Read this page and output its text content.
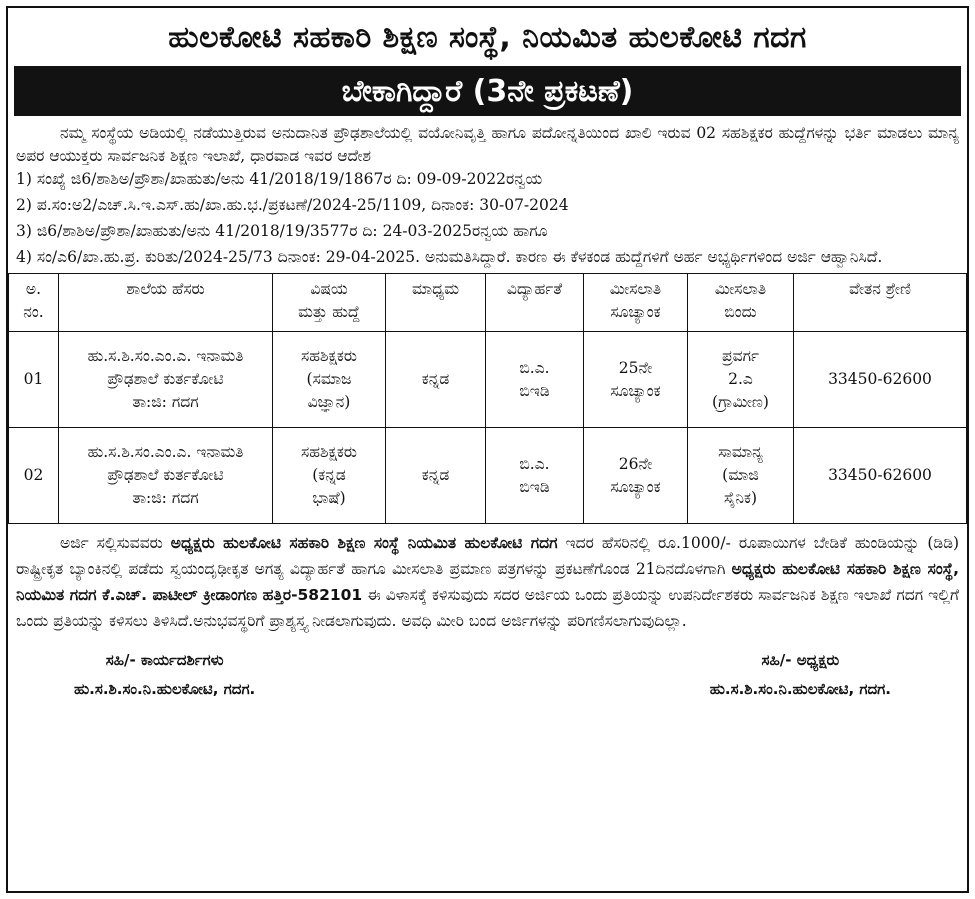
ಹುಲಕೋಟಿ ಸಹಕಾರಿ ಶಿಕ್ಷಣ ಸಂಸ್ಥೆ, ನಿಯಮಿತ ಹುಲಕೋಟಿ ಗದಗ
ಬೇಕಾಗಿದ್ದಾರೆ (3ನೇ ಪ್ರಕಟಣೆ)

ನಮ್ಮ ಸಂಸ್ಥೆಯ ಅಡಿಯಲ್ಲಿ ನಡೆಯುತ್ತಿರುವ ಅನುದಾನಿತ ಪ್ರೌಢಶಾಲೆಯಲ್ಲಿ ವಯೋನಿವೃತ್ತಿ ಹಾಗೂ ಪದೋನ್ನತಿಯಿಂದ ಖಾಲಿ ಇರುವ 02 ಸಹಶಿಕ್ಷಕರ ಹುದ್ದೆಗಳನ್ನು ಭರ್ತಿ ಮಾಡಲು ಮಾನ್ಯ ಅಪರ ಆಯುಕ್ತರು ಸಾರ್ವಜನಿಕ ಶಿಕ್ಷಣ ಇಲಾಖೆ, ಧಾರವಾಡ ಇವರ ಆದೇಶ

1) ಸಂಖ್ಯೆ ಜಿ6/ಶಾಶಿಅ/ಪ್ರೌಶಾ/ಖಾಹುತು/ಅನು 41/2018/19/1867ರ ದಿ: 09-09-2022ರನ್ವಯ

2) ಪ.ಸಂ:ಅ2/ಎಚ್.ಸಿ.ಇ.ಎಸ್.ಹು/ಖಾ.ಹು.ಭ./ಪ್ರಕಟಣೆ/2024-25/1109, ದಿನಾಂಕ: 30-07-2024

3) ಜಿ6/ಶಾಶಿಅ/ಪ್ರೌಶಾ/ಖಾಹುತು/ಅನು 41/2018/19/3577ರ ದಿ: 24-03-2025ರನ್ವಯ ಹಾಗೂ

4) ಸಂ/ಎ6/ಖಾ.ಹು.ಪ್ರ. ಕುರಿತು/2024-25/73 ದಿನಾಂಕ: 29-04-2025. ಅನುಮತಿಸಿದ್ದಾರೆ. ಕಾರಣ ಈ ಕೆಳಕಂಡ ಹುದ್ದೆಗಳಿಗೆ ಅರ್ಹ ಅಭ್ಯರ್ಥಿಗಳಿಂದ ಅರ್ಜಿ ಆಹ್ವಾನಿಸಿದೆ.

ಅ.
ನಂ.	ಶಾಲೆಯ ಹೆಸರು	ವಿಷಯ
ಮತ್ತು ಹುದ್ದೆ	ಮಾಧ್ಯಮ	ವಿದ್ಯಾರ್ಹತೆ	ಮೀಸಲಾತಿ
ಸೂಚ್ಯಾಂಕ	ಮೀಸಲಾತಿ
ಬಿಂದು	ವೇತನ ಶ್ರೇಣಿ
01	ಹು.ಸ.ಶಿ.ಸಂ.ಎಂ.ಎ. ಇನಾಮತಿ
ಪ್ರೌಢಶಾಲೆ ಕುರ್ತಕೋಟಿ
ತಾ:ಜಿ: ಗದಗ	ಸಹಶಿಕ್ಷಕರು
(ಸಮಾಜ
ವಿಜ್ಞಾನ)	ಕನ್ನಡ	ಬಿ.ಎ.
ಬಿಇಡಿ	25ನೇ
ಸೂಚ್ಯಾಂಕ	ಪ್ರವರ್ಗ
2.ಎ
(ಗ್ರಾಮೀಣ)	33450-62600
02	ಹು.ಸ.ಶಿ.ಸಂ.ಎಂ.ಎ. ಇನಾಮತಿ
ಪ್ರೌಢಶಾಲೆ ಕುರ್ತಕೋಟಿ
ತಾ:ಜಿ: ಗದಗ	ಸಹಶಿಕ್ಷಕರು
(ಕನ್ನಡ
ಭಾಷೆ)	ಕನ್ನಡ	ಬಿ.ಎ.
ಬಿಇಡಿ	26ನೇ
ಸೂಚ್ಯಾಂಕ	ಸಾಮಾನ್ಯ
(ಮಾಜಿ
ಸೈನಿಕ)	33450-62600

ಅರ್ಜಿ ಸಲ್ಲಿಸುವವರು ಅಧ್ಯಕ್ಷರು ಹುಲಕೋಟಿ ಸಹಕಾರಿ ಶಿಕ್ಷಣ ಸಂಸ್ಥೆ ನಿಯಮಿತ ಹುಲಕೋಟಿ ಗದಗ ಇದರ ಹೆಸರಿನಲ್ಲಿ ರೂ.1000/- ರೂಪಾಯಿಗಳ ಬೇಡಿಕೆ ಹುಂಡಿಯನ್ನು (ಡಿಡಿ) ರಾಷ್ಟ್ರೀಕೃತ ಬ್ಯಾಂಕಿನಲ್ಲಿ ಪಡೆದು ಸ್ವಯಂದೃಢೀಕೃತ ಅಗತ್ಯ ವಿದ್ಯಾರ್ಹತೆ ಹಾಗೂ ಮೀಸಲಾತಿ ಪ್ರಮಾಣ ಪತ್ರಗಳನ್ನು ಪ್ರಕಟಣೆಗೊಂಡ 21ದಿನದೊಳಗಾಗಿ ಅಧ್ಯಕ್ಷರು ಹುಲಕೋಟಿ ಸಹಕಾರಿ ಶಿಕ್ಷಣ ಸಂಸ್ಥೆ, ನಿಯಮಿತ ಗದಗ ಕೆ.ಎಚ್. ಪಾಟೀಲ್ ಕ್ರೀಡಾಂಗಣ ಹತ್ತಿರ-582101 ಈ ವಿಳಾಸಕ್ಕೆ ಕಳಿಸುವುದು ಸದರ ಅರ್ಜಿಯ ಒಂದು ಪ್ರತಿಯನ್ನು ಉಪನಿರ್ದೇಶಕರು ಸಾರ್ವಜನಿಕ ಶಿಕ್ಷಣ ಇಲಾಖೆ ಗದಗ ಇಲ್ಲಿಗೆ ಒಂದು ಪ್ರತಿಯನ್ನು ಕಳಿಸಲು ತಿಳಿಸಿದೆ.ಅನುಭವಸ್ಥರಿಗೆ ಪ್ರಾಶ್ಯಸ್ತ್ಯ ನೀಡಲಾಗುವುದು. ಅವಧಿ ಮೀರಿ ಬಂದ ಅರ್ಜಿಗಳನ್ನು ಪರಿಗಣಿಸಲಾಗುವುದಿಲ್ಲಾ.

ಸಹಿ/- ಕಾರ್ಯದರ್ಶಿಗಳು
ಹು.ಸ.ಶಿ.ಸಂ.ನಿ.ಹುಲಕೋಟಿ, ಗದಗ.
ಸಹಿ/- ಅಧ್ಯಕ್ಷರು
ಹು.ಸ.ಶಿ.ಸಂ.ನಿ.ಹುಲಕೋಟಿ, ಗದಗ.
